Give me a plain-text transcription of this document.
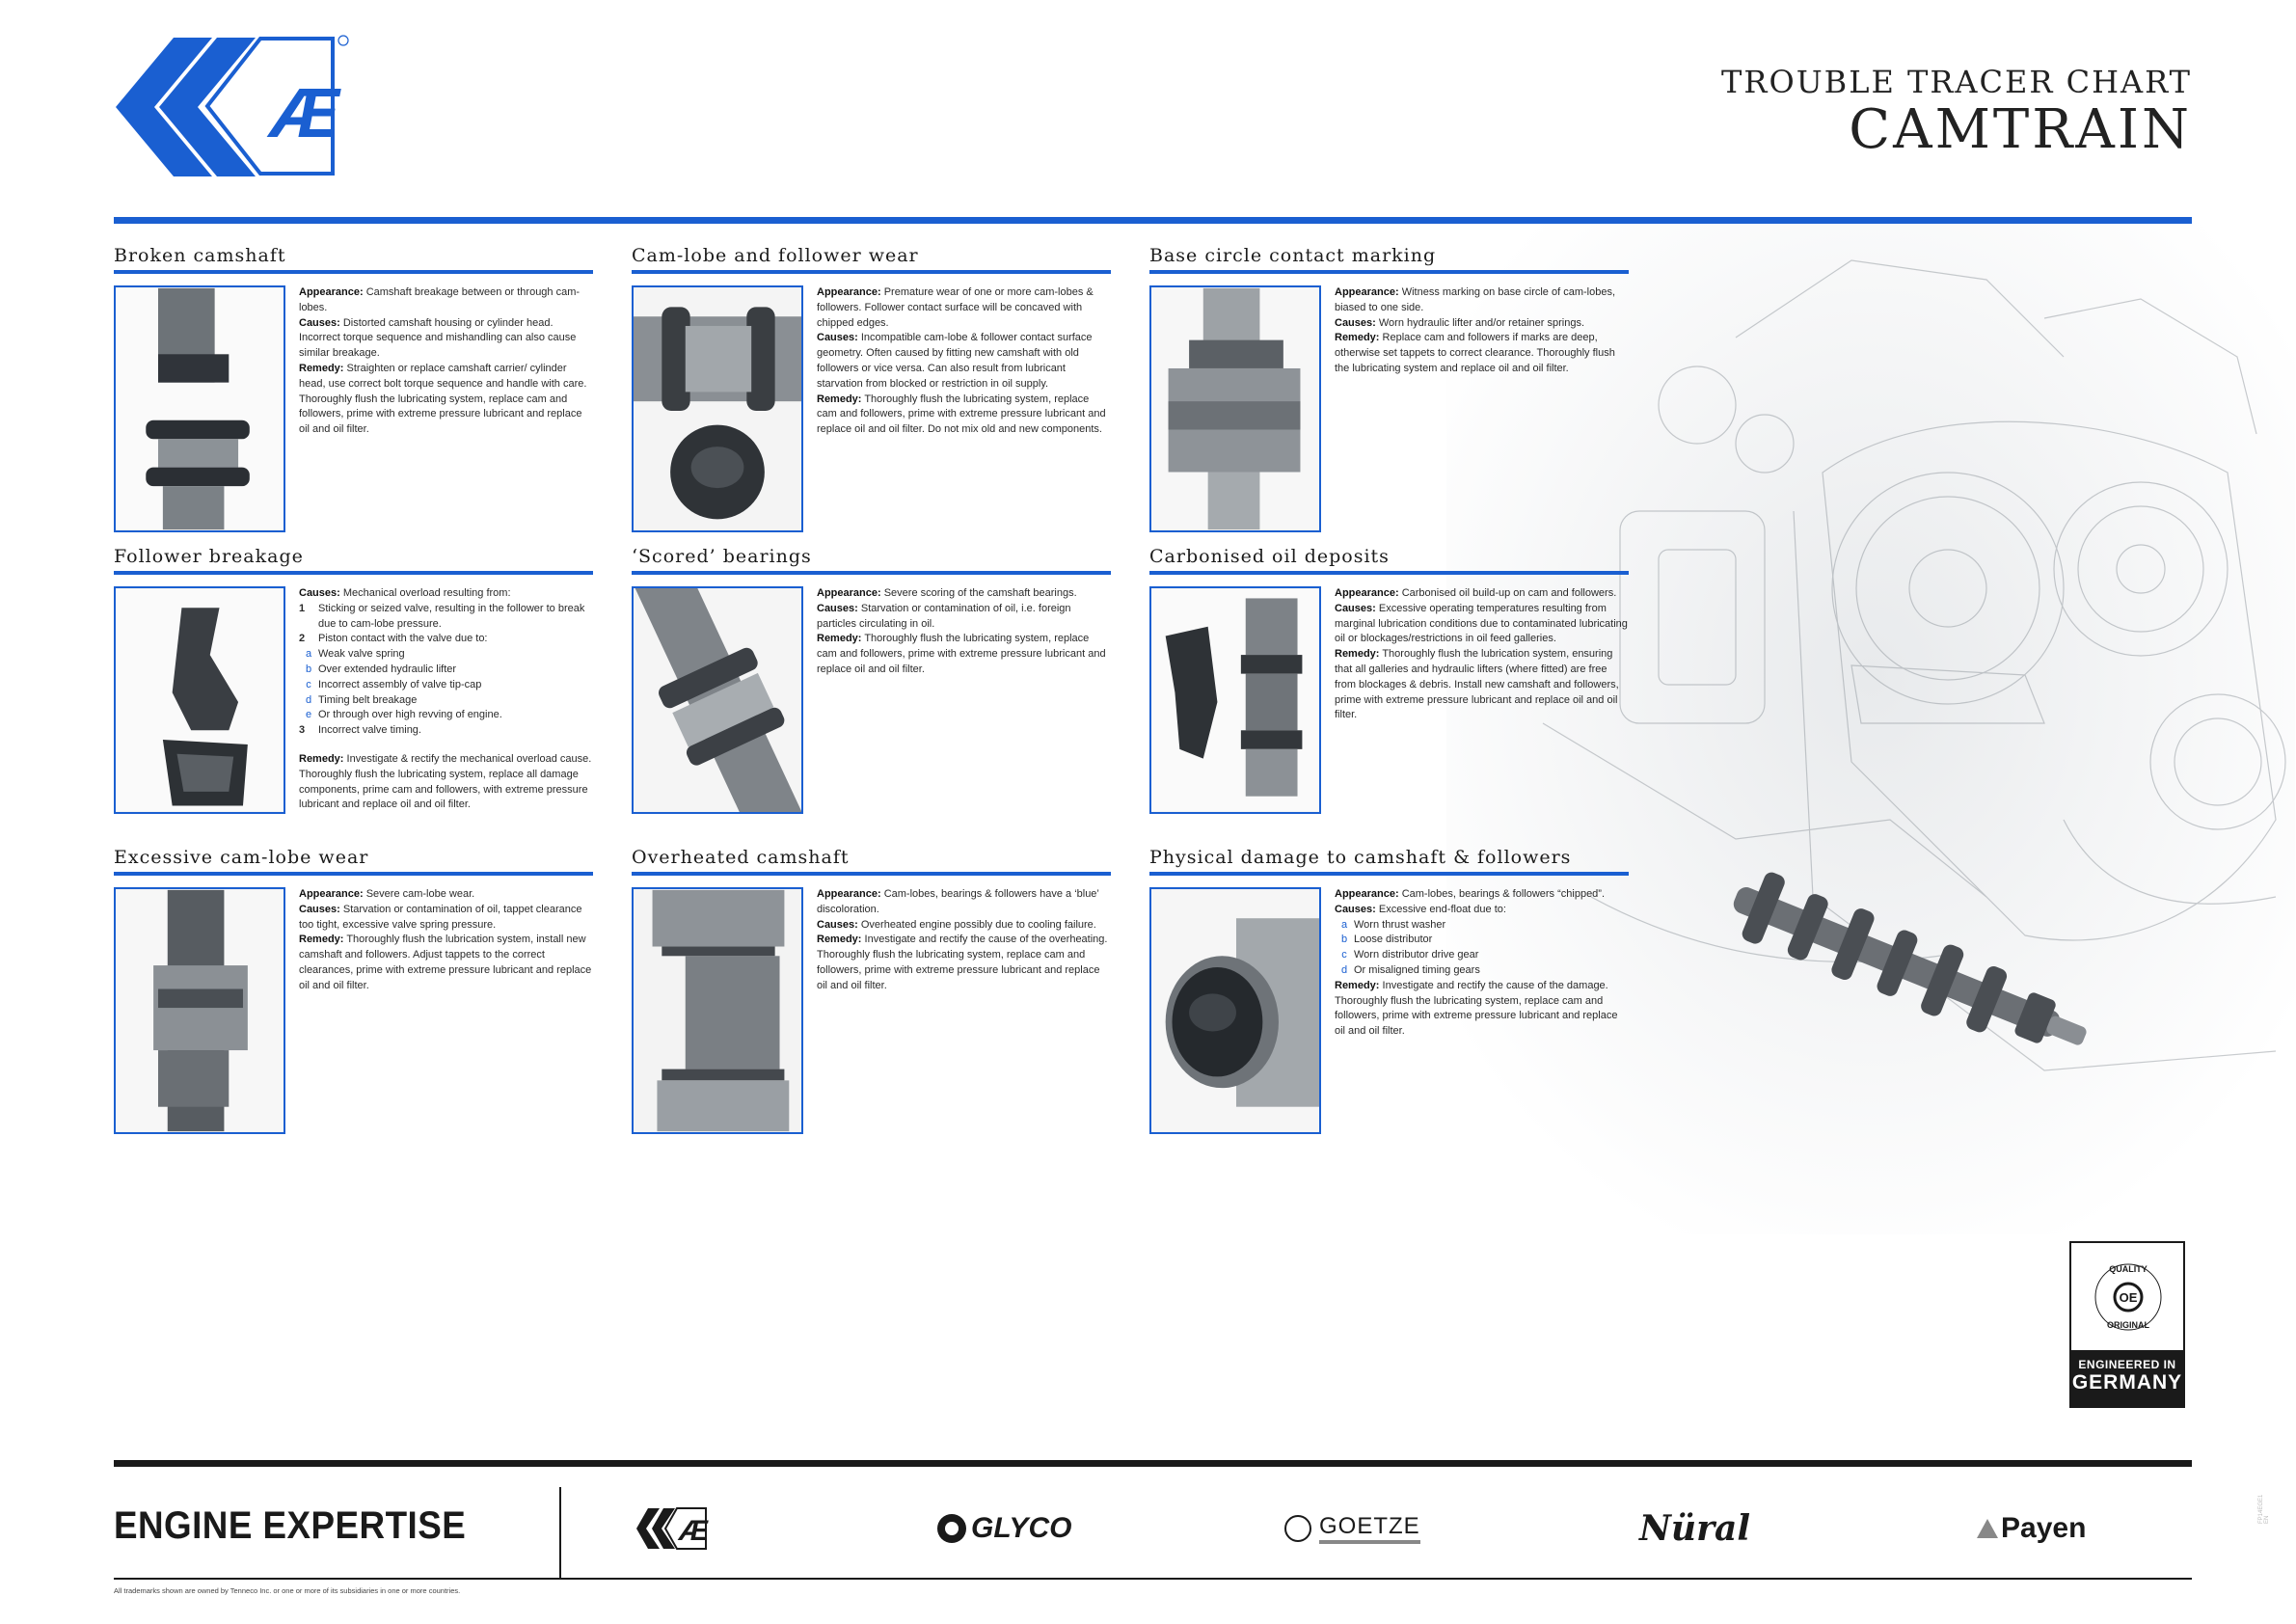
Æ	TROUBLE TRACER CHART
CAMTRAIN
Broken camshaft

Appearance: Camshaft breakage between or through cam-lobes.

Causes: Distorted camshaft housing or cylinder head. Incorrect torque sequence and mishandling can also cause similar breakage.

Remedy: Straighten or replace camshaft carrier/ cylinder head, use correct bolt torque sequence and handle with care. Thoroughly flush the lubricating system, replace cam and followers, prime with extreme pressure lubricant and replace oil and oil filter.

Cam-lobe and follower wear

Appearance: Premature wear of one or more cam-lobes & followers. Follower contact surface will be concaved with chipped edges.

Causes: Incompatible cam-lobe & follower contact surface geometry. Often caused by fitting new camshaft with old followers or vice versa. Can also result from lubricant starvation from blocked or restriction in oil supply.

Remedy: Thoroughly flush the lubricating system, replace cam and followers, prime with extreme pressure lubricant and replace oil and oil filter. Do not mix old and new components.

Base circle contact marking

Appearance: Witness marking on base circle of cam-lobes, biased to one side.

Causes: Worn hydraulic lifter and/or retainer springs.

Remedy: Replace cam and followers if marks are deep, otherwise set tappets to correct clearance. Thoroughly flush the lubricating system and replace oil and oil filter.

Follower breakage

Causes: Mechanical overload resulting from:

1	Sticking or seized valve, resulting in the follower to break due to cam-lobe pressure.
2	Piston contact with the valve due to:
a Weak valve spring
b Over extended hydraulic lifter
c Incorrect assembly of valve tip-cap
d Timing belt breakage
e Or through over high revving of engine.
3	Incorrect valve timing.

Remedy: Investigate & rectify the mechanical overload cause. Thoroughly flush the lubricating system, replace all damage components, prime cam and followers, with extreme pressure lubricant and replace oil and oil filter.

‘Scored’ bearings

Appearance: Severe scoring of the camshaft bearings.

Causes: Starvation or contamination of oil, i.e. foreign particles circulating in oil.

Remedy: Thoroughly flush the lubricating system, replace cam and followers, prime with extreme pressure lubricant and replace oil and oil filter.

Carbonised oil deposits

Appearance: Carbonised oil build-up on cam and followers.

Causes: Excessive operating temperatures resulting from marginal lubrication conditions due to contaminated lubricating oil or blockages/restrictions in oil feed galleries.

Remedy: Thoroughly flush the lubrication system, ensuring that all galleries and hydraulic lifters (where fitted) are free from blockages & debris. Install new camshaft and followers, prime with extreme pressure lubricant and replace oil and oil filter.

Excessive cam-lobe wear

Appearance: Severe cam-lobe wear.

Causes: Starvation or contamination of oil, tappet clearance too tight, excessive valve spring pressure.

Remedy: Thoroughly flush the lubrication system, install new camshaft and followers. Adjust tappets to the correct clearances, prime with extreme pressure lubricant and replace oil and oil filter.

Overheated camshaft

Appearance: Cam-lobes, bearings & followers have a ‘blue’ discoloration.

Causes: Overheated engine possibly due to cooling failure.

Remedy: Investigate and rectify the cause of the overheating. Thoroughly flush the lubricating system, replace cam and followers, prime with extreme pressure lubricant and replace oil and oil filter.

Physical damage to camshaft & followers

Appearance: Cam-lobes, bearings & followers “chipped”.

Causes: Excessive end-float due to:

a Worn thrust washer
b Loose distributor
c Worn distributor drive gear
d Or misaligned timing gears

Remedy: Investigate and rectify the cause of the damage. Thoroughly flush the lubricating system, replace cam and followers, prime with extreme pressure lubricant and replace oil and oil filter.

OE
QUALITY
ORIGINAL
ENGINEERED IN
GERMANY
ENGINE EXPERTISE	Æ	GLYCO	GOETZE	Nüral	Payen
All trademarks shown are owned by Tenneco Inc. or one or more of its subsidiaries in one or more countries.
FP14EGE1 EN
